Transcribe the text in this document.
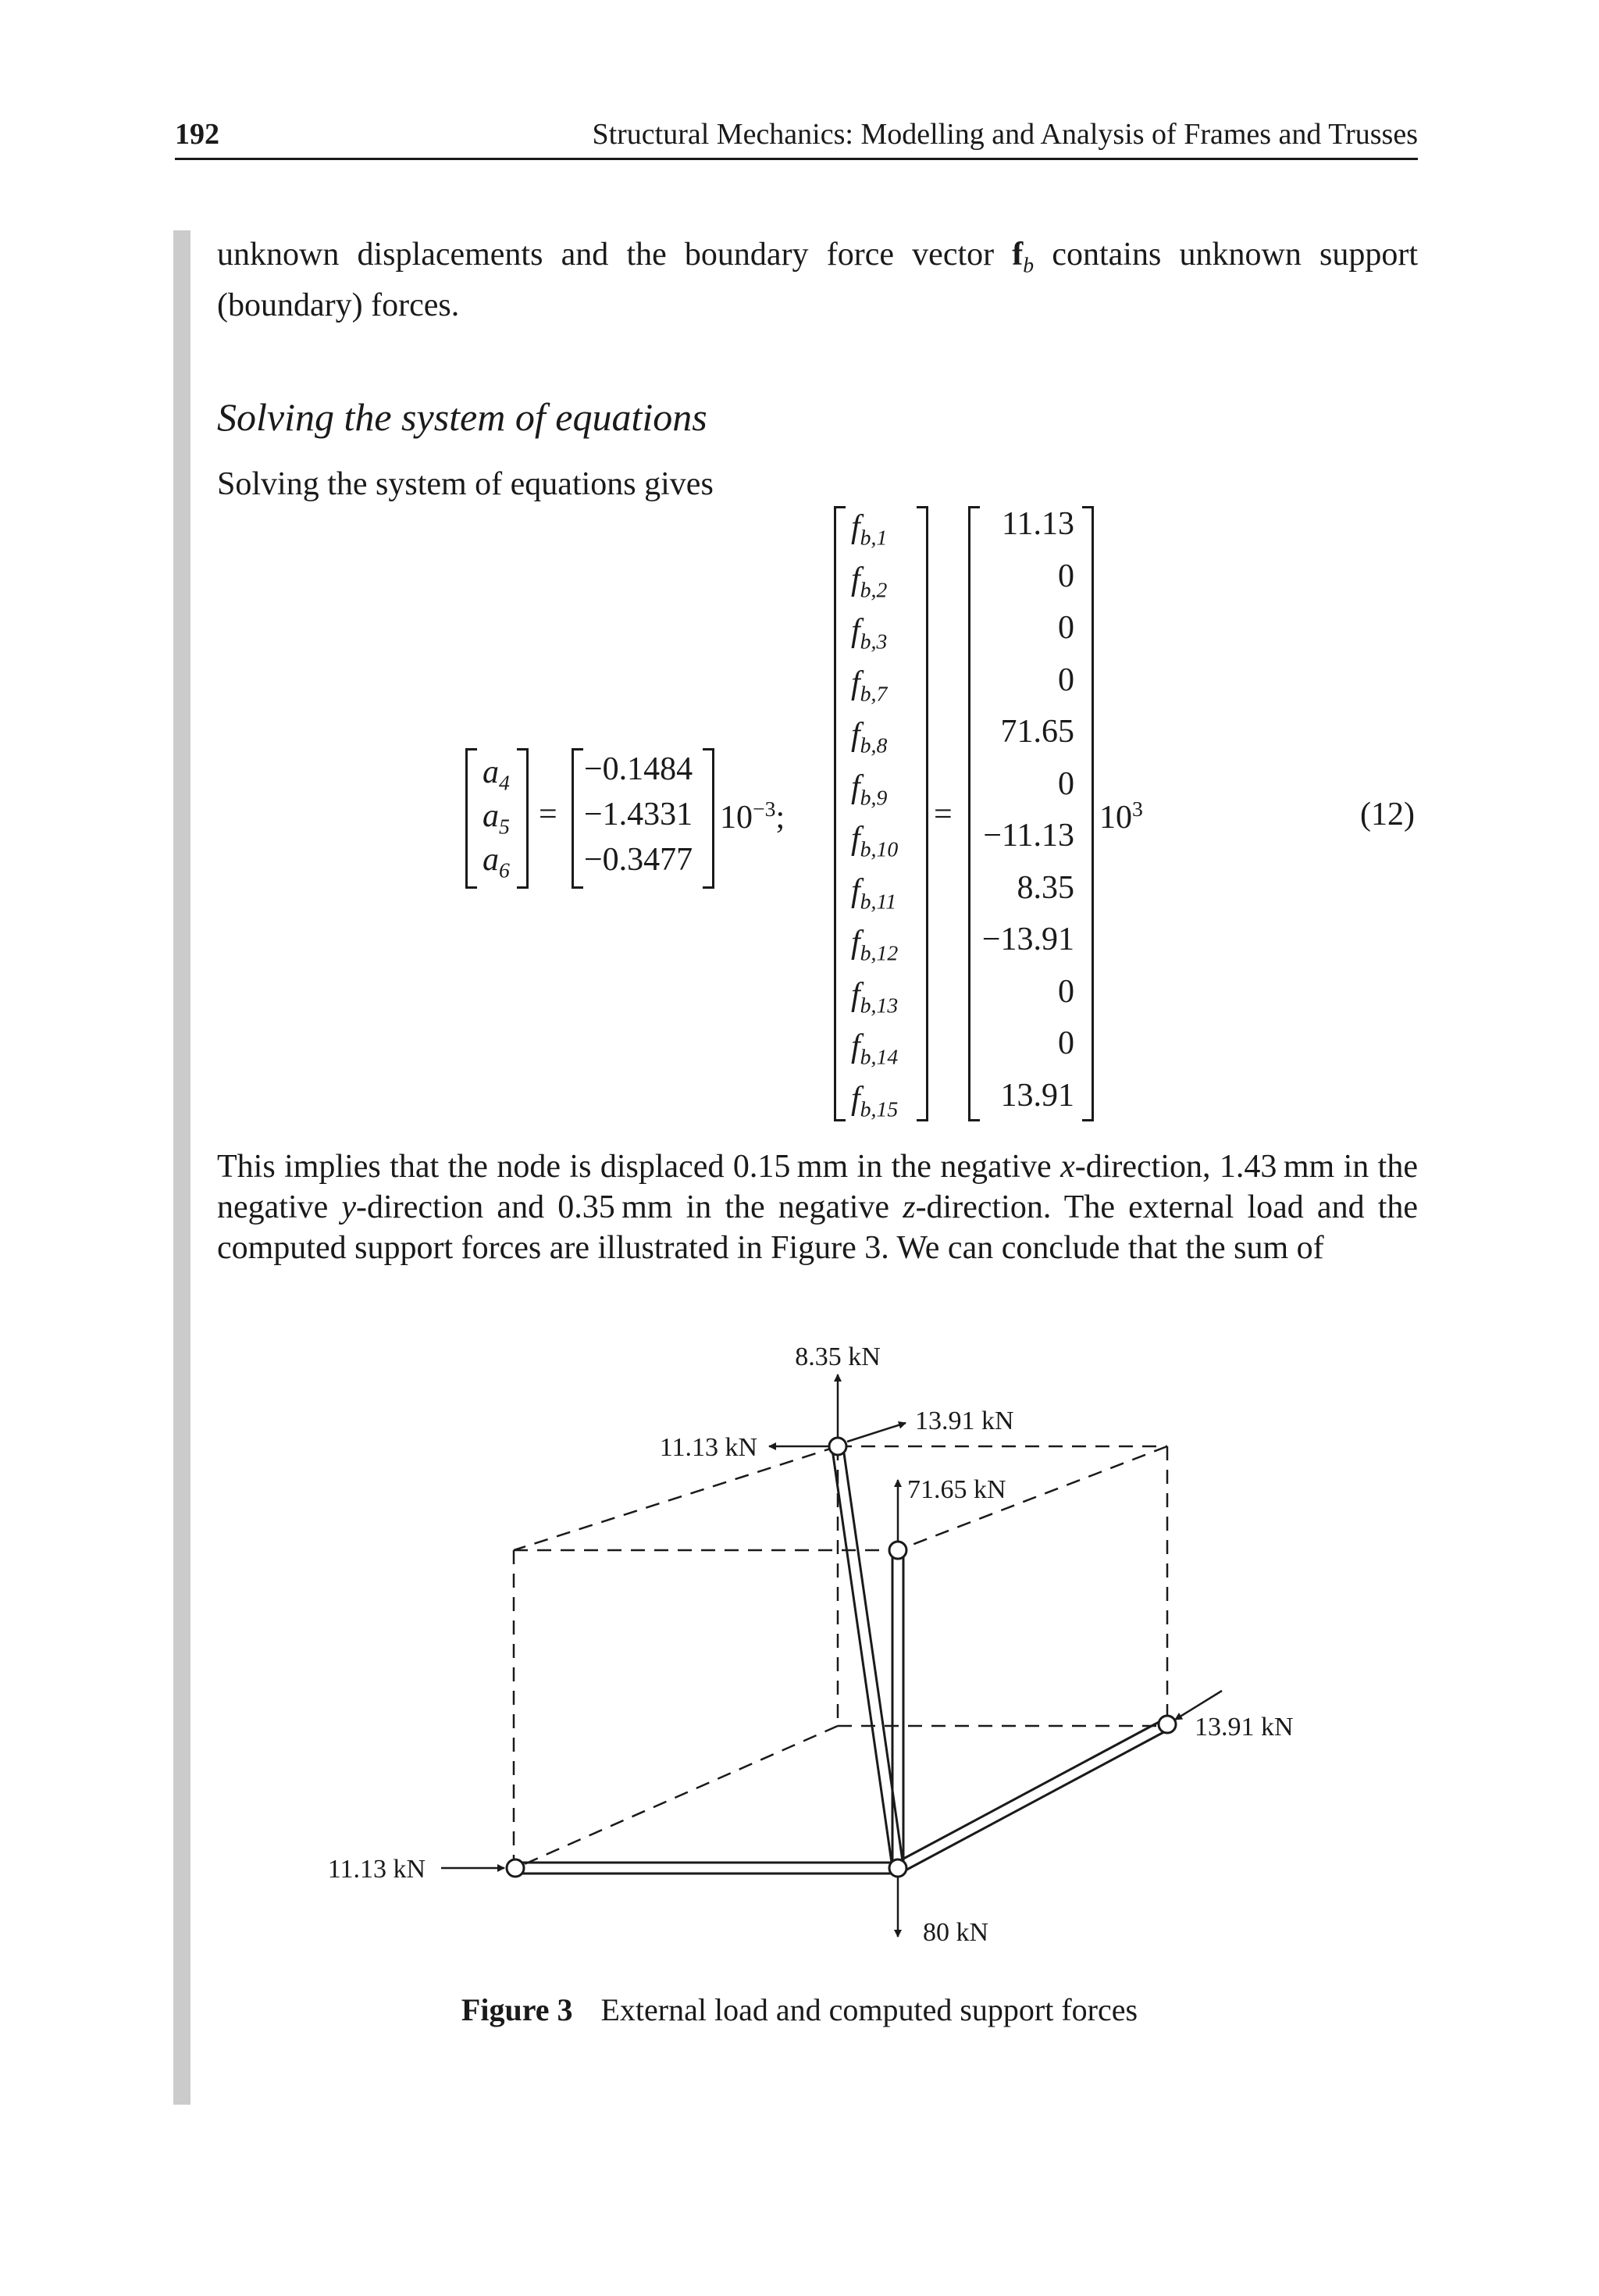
192	Structural Mechanics: Modelling and Analysis of Frames and Trusses
unknown displacements and the boundary force vector $f_b$ contains unknown support (boundary) forces.
Solving the system of equations
Solving the system of equations gives
$a_4$
$a_5$
$a_6$
=
−0.1484
−1.4331
−0.3477
$10^{-3}$;
$f_{b,1}$
$f_{b,2}$
$f_{b,3}$
$f_{b,7}$
$f_{b,8}$
$f_{b,9}$
$f_{b,10}$
$f_{b,11}$
$f_{b,12}$
$f_{b,13}$
$f_{b,14}$
$f_{b,15}$
=
11.13
0
0
0
71.65
0
−11.13
8.35
−13.91
0
0
13.91
$10^3$	(12)
This implies that the node is displaced 0.15 mm in the negative x-direction, 1.43 mm in the negative y-direction and 0.35 mm in the negative z-direction. The external load and the computed support forces are illustrated in Figure 3. We can conclude that the sum of
8.35 kN
13.91 kN
11.13 kN
71.65 kN
13.91 kN
11.13 kN
80 kN
Figure 3 External load and computed support forces
